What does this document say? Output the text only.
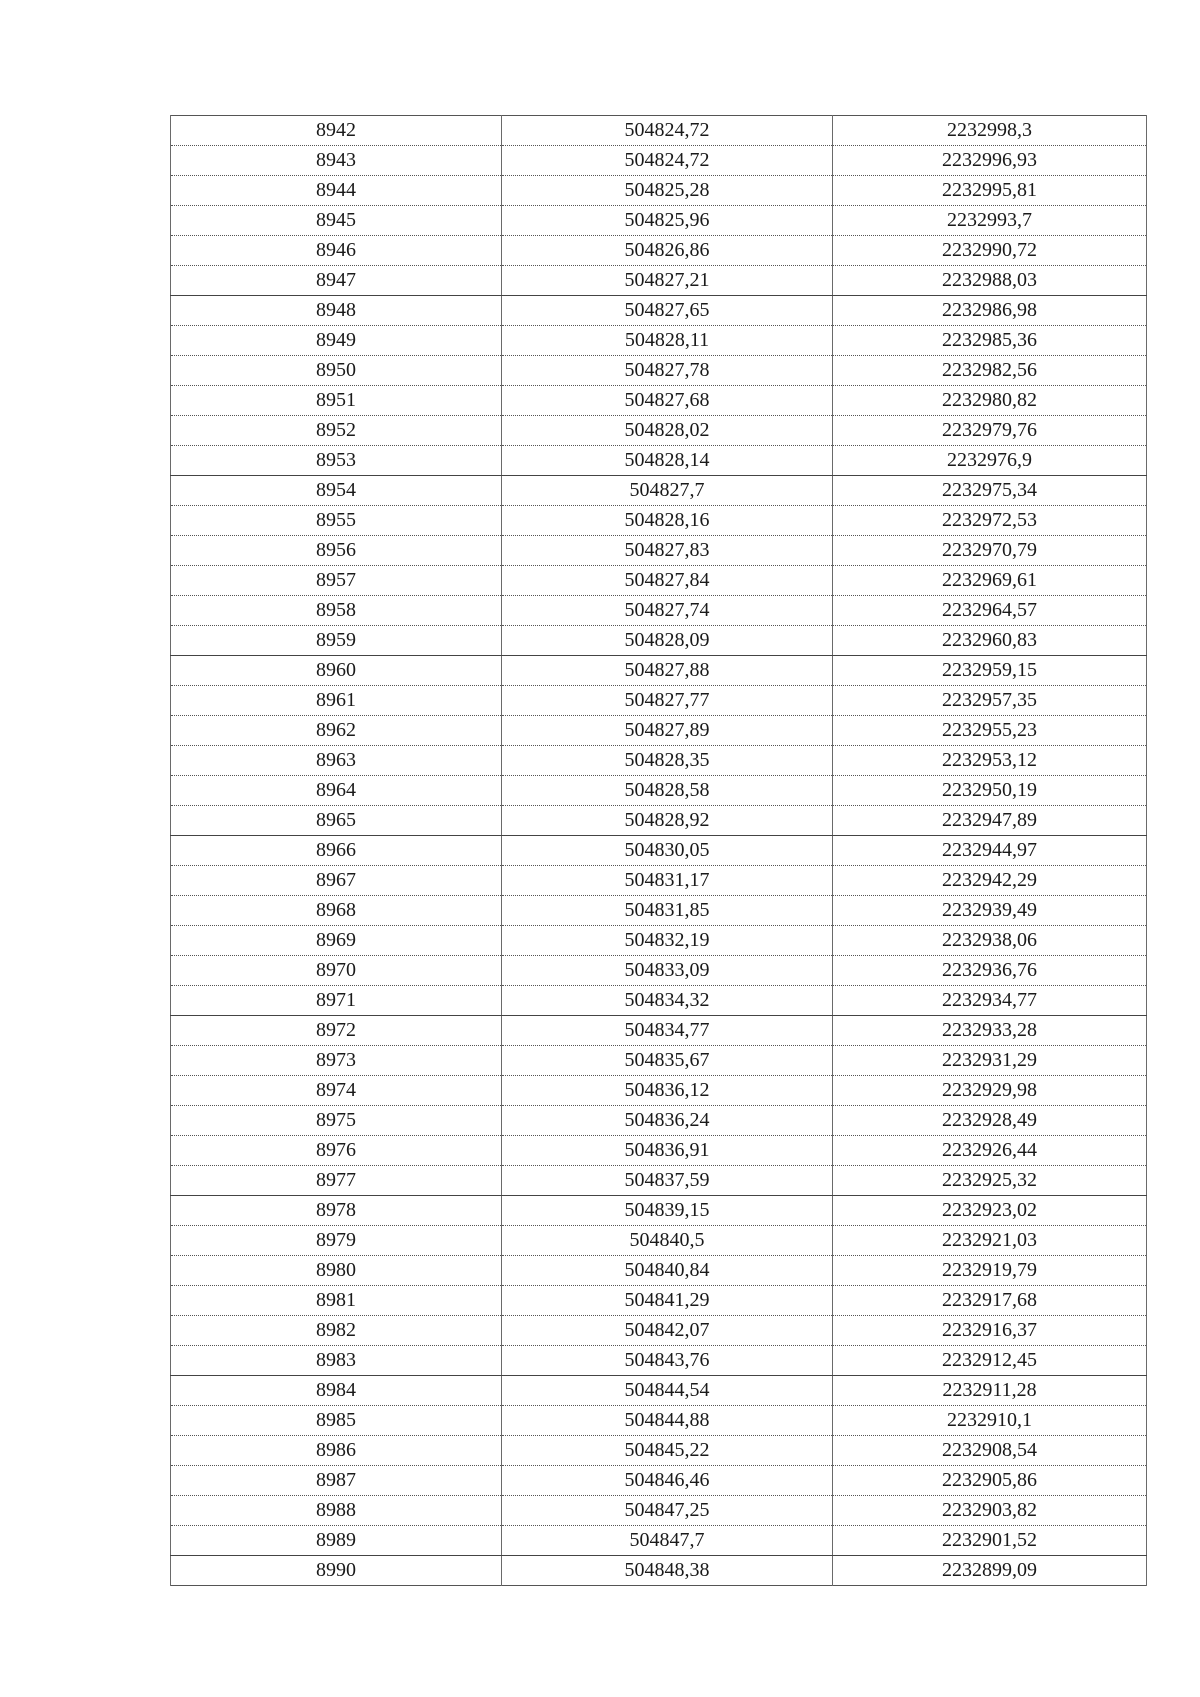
8942	504824,72	2232998,3
8943	504824,72	2232996,93
8944	504825,28	2232995,81
8945	504825,96	2232993,7
8946	504826,86	2232990,72
8947	504827,21	2232988,03
8948	504827,65	2232986,98
8949	504828,11	2232985,36
8950	504827,78	2232982,56
8951	504827,68	2232980,82
8952	504828,02	2232979,76
8953	504828,14	2232976,9
8954	504827,7	2232975,34
8955	504828,16	2232972,53
8956	504827,83	2232970,79
8957	504827,84	2232969,61
8958	504827,74	2232964,57
8959	504828,09	2232960,83
8960	504827,88	2232959,15
8961	504827,77	2232957,35
8962	504827,89	2232955,23
8963	504828,35	2232953,12
8964	504828,58	2232950,19
8965	504828,92	2232947,89
8966	504830,05	2232944,97
8967	504831,17	2232942,29
8968	504831,85	2232939,49
8969	504832,19	2232938,06
8970	504833,09	2232936,76
8971	504834,32	2232934,77
8972	504834,77	2232933,28
8973	504835,67	2232931,29
8974	504836,12	2232929,98
8975	504836,24	2232928,49
8976	504836,91	2232926,44
8977	504837,59	2232925,32
8978	504839,15	2232923,02
8979	504840,5	2232921,03
8980	504840,84	2232919,79
8981	504841,29	2232917,68
8982	504842,07	2232916,37
8983	504843,76	2232912,45
8984	504844,54	2232911,28
8985	504844,88	2232910,1
8986	504845,22	2232908,54
8987	504846,46	2232905,86
8988	504847,25	2232903,82
8989	504847,7	2232901,52
8990	504848,38	2232899,09
